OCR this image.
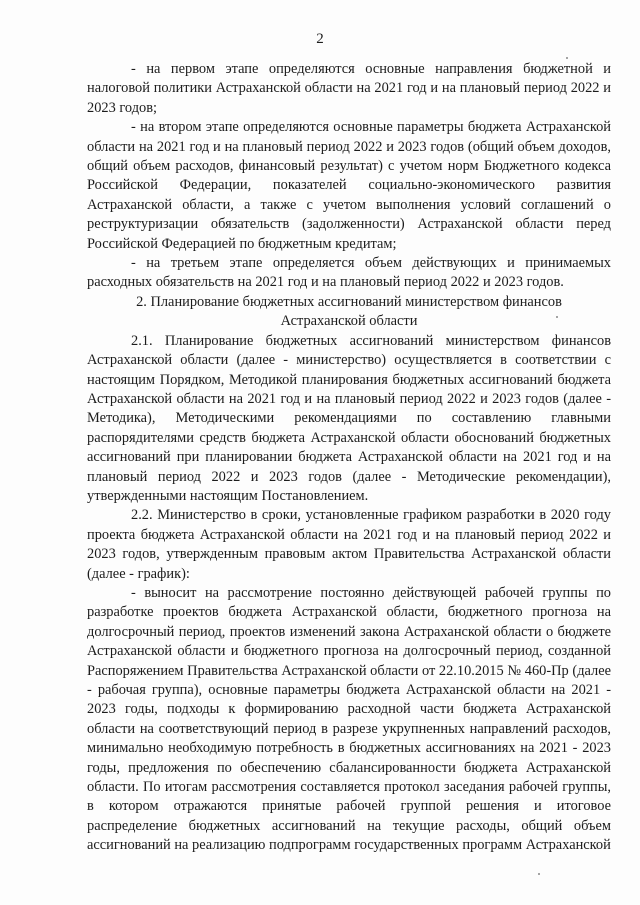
2

- на первом этапе определяются основные направления бюджетной и налоговой политики Астраханской области на 2021 год и на плановый период 2022 и 2023 годов;

- на втором этапе определяются основные параметры бюджета Астраханской области на 2021 год и на плановый период 2022 и 2023 годов (общий объем доходов, общий объем расходов, финансовый результат) с учетом норм Бюджетного кодекса Российской Федерации, показателей социально-экономического развития Астраханской области, а также с учетом выполнения условий соглашений о реструктуризации обязательств (задолженности) Астраханской области перед Российской Федерацией по бюджетным кредитам;

- на третьем этапе определяется объем действующих и принимаемых расходных обязательств на 2021 год и на плановый период 2022 и 2023 годов.

2. Планирование бюджетных ассигнований министерством финансов Астраханской области

2.1. Планирование бюджетных ассигнований министерством финансов Астраханской области (далее - министерство) осуществляется в соответствии с настоящим Порядком, Методикой планирования бюджетных ассигнований бюджета Астраханской области на 2021 год и на плановый период 2022 и 2023 годов (далее - Методика), Методическими рекомендациями по составлению главными распорядителями средств бюджета Астраханской области обоснований бюджетных ассигнований при планировании бюджета Астраханской области на 2021 год и на плановый период 2022 и 2023 годов (далее - Методические рекомендации), утвержденными настоящим Постановлением.

2.2. Министерство в сроки, установленные графиком разработки в 2020 году проекта бюджета Астраханской области на 2021 год и на плановый период 2022 и 2023 годов, утвержденным правовым актом Правительства Астраханской области (далее - график):

- выносит на рассмотрение постоянно действующей рабочей группы по разработке проектов бюджета Астраханской области, бюджетного прогноза на долгосрочный период, проектов изменений закона Астраханской области о бюджете Астраханской области и бюджетного прогноза на долгосрочный период, созданной Распоряжением Правительства Астраханской области от 22.10.2015 № 460-Пр (далее - рабочая группа), основные параметры бюджета Астраханской области на 2021 - 2023 годы, подходы к формированию расходной части бюджета Астраханской области на соответствующий период в разрезе укрупненных направлений расходов, минимально необходимую потребность в бюджетных ассигнованиях на 2021 - 2023 годы, предложения по обеспечению сбалансированности бюджета Астраханской области. По итогам рассмотрения составляется протокол заседания рабочей группы, в котором отражаются принятые рабочей группой решения и итоговое распределение бюджетных ассигнований на текущие расходы, общий объем ассигнований на реализацию подпрограмм государственных программ Астраханской
